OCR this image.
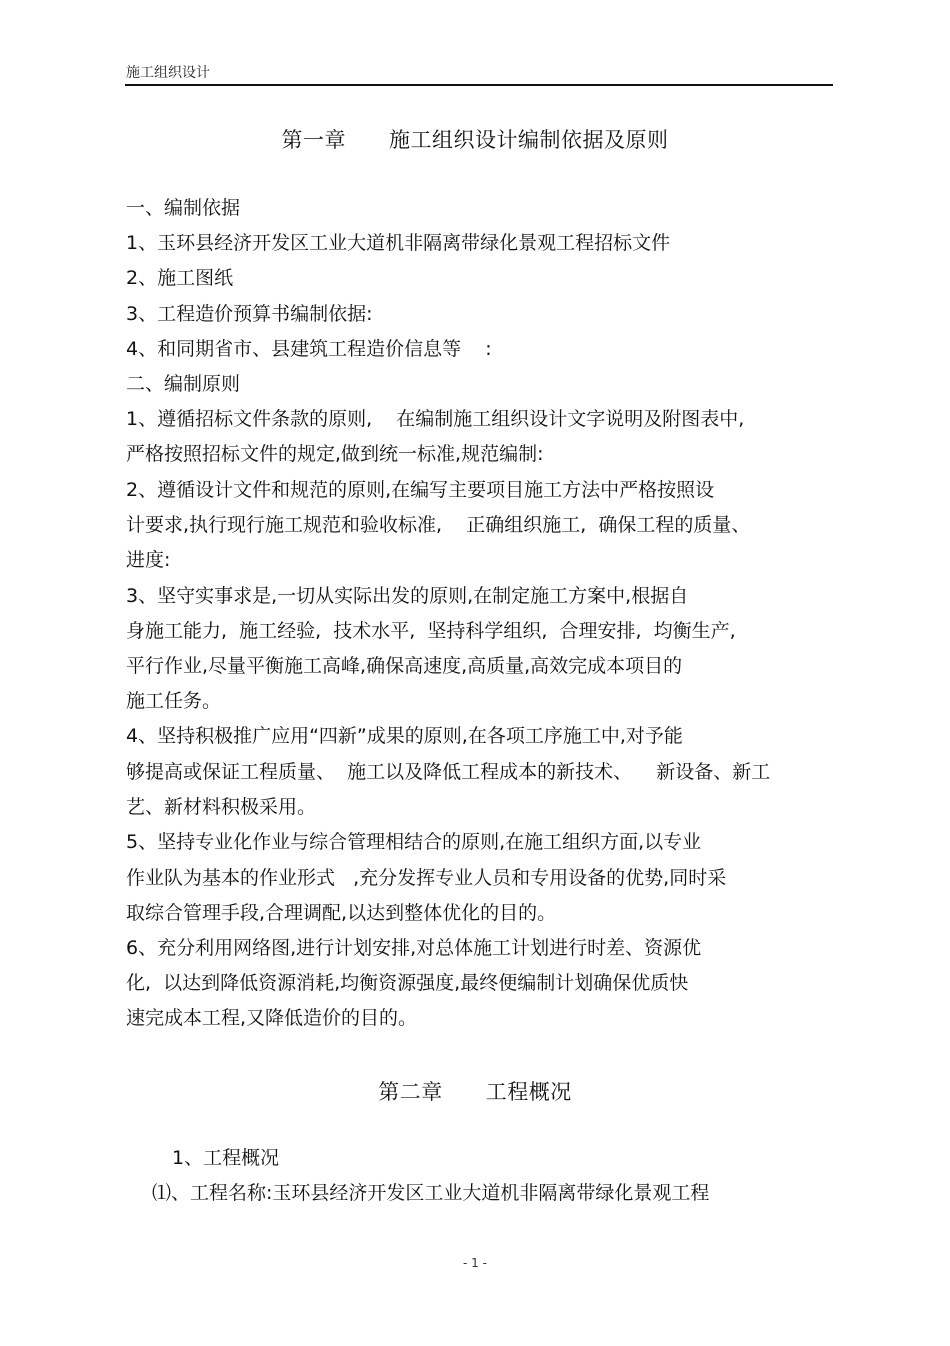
施工组织设计
第一章      施工组织设计编制依据及原则
一、编制依据
1、玉环县经济开发区工业大道机非隔离带绿化景观工程招标文件
2、施工图纸
3、工程造价预算书编制依据:
4、和同期省市、县建筑工程造价信息等    :
二、编制原则
1、遵循招标文件条款的原则,    在编制施工组织设计文字说明及附图表中,
严格按照招标文件的规定,做到统一标准,规范编制:
2、遵循设计文件和规范的原则,在编写主要项目施工方法中严格按照设
计要求,执行现行施工规范和验收标准,    正确组织施工,  确保工程的质量、
进度:
3、坚守实事求是,一切从实际出发的原则,在制定施工方案中,根据自
身施工能力,  施工经验,  技术水平,  坚持科学组织,  合理安排,  均衡生产,
平行作业,尽量平衡施工高峰,确保高速度,高质量,高效完成本项目的
施工任务。
4、坚持积极推广应用“四新”成果的原则,在各项工序施工中,对予能
够提高或保证工程质量、  施工以及降低工程成本的新技术、    新设备、新工
艺、新材料积极采用。
5、坚持专业化作业与综合管理相结合的原则,在施工组织方面,以专业
作业队为基本的作业形式   ,充分发挥专业人员和专用设备的优势,同时采
取综合管理手段,合理调配,以达到整体优化的目的。
6、充分利用网络图,进行计划安排,对总体施工计划进行时差、资源优
化,  以达到降低资源消耗,均衡资源强度,最终便编制计划确保优质快
速完成本工程,又降低造价的目的。
第二章      工程概况
1、工程概况
⑴、工程名称:玉环县经济开发区工业大道机非隔离带绿化景观工程
- 1 -
